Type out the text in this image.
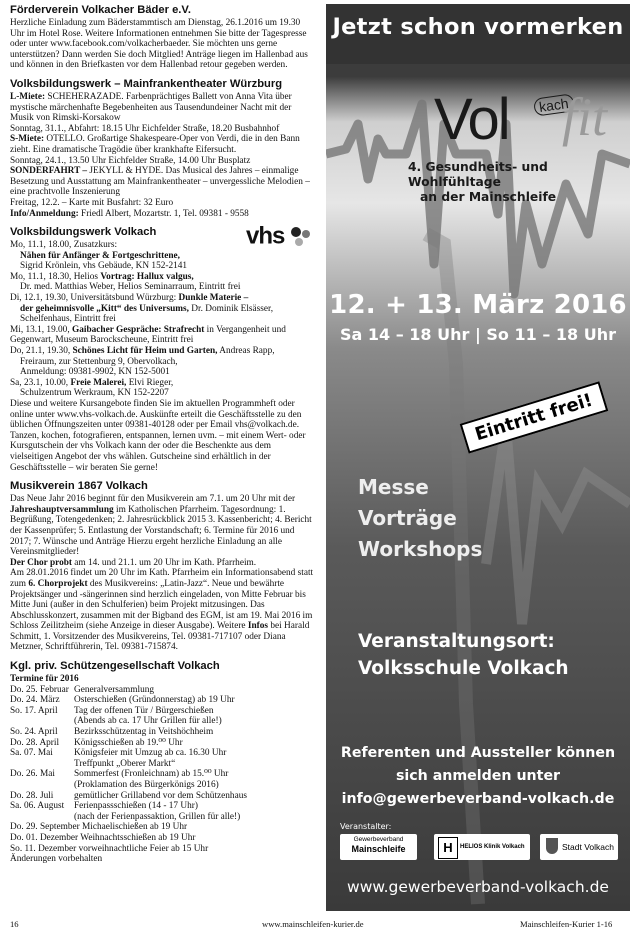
Förderverein Volkacher Bäder e.V.

Herzliche Einladung zum Bäderstammtisch am Dienstag, 26.1.2016 um 19.30 Uhr im Hotel Rose. Weitere Informationen entnehmen Sie bitte der Tagespresse oder unter www.facebook.com/volkacherbaeder. Sie möchten uns gerne unterstützen? Dann werden Sie doch Mitglied! Anträge liegen im Hallenbad aus und können in den Briefkasten vor dem Hallenbad retour gegeben werden.

Volksbildungswerk – Mainfrankentheater Würzburg

L-Miete: SCHEHERAZADE. Farbenprächtiges Ballett von Anna Vita über mystische märchenhafte Begebenheiten aus Tausendundeiner Nacht mit der Musik von Rimski-Korsakow

Sonntag, 31.1., Abfahrt: 18.15 Uhr Eichfelder Straße, 18.20 Busbahnhof

S-Miete: OTELLO. Großartige Shakespeare-Oper von Verdi, die in den Bann zieht. Eine dramatische Tragödie über krankhafte Eifersucht.

Sonntag, 24.1., 13.50 Uhr Eichfelder Straße, 14.00 Uhr Busplatz

SONDERFAHRT – JEKYLL & HYDE. Das Musical des Jahres – einmalige Besetzung und Ausstattung am Mainfrankentheater – unvergessliche Melodien – eine prachtvolle Inszenierung

Freitag, 12.2. – Karte mit Busfahrt: 32 Euro

Info/Anmeldung: Friedl Albert, Mozartstr. 1, Tel. 09381 - 9558

Volksbildungswerk Volkach	vhs

Mo, 11.1, 18.00, Zusatzkurs:

Nähen für Anfänger & Fortgeschrittene,

Sigrid Krönlein, vhs Gebäude, KN 152-2141

Mo, 11.1, 18.30, Helios Vortrag: Hallux valgus,

Dr. med. Matthias Weber, Helios Seminarraum, Eintritt frei

Di, 12.1, 19.30, Universitätsbund Würzburg: Dunkle Materie –

der geheimnisvolle „Kitt“ des Universums, Dr. Dominik Elsässer, Schelfenhaus, Eintritt frei

Mi, 13.1, 19.00, Gaibacher Gespräche: Strafrecht in Vergangenheit und Gegenwart, Museum Barockscheune, Eintritt frei

Do, 21.1, 19.30, Schönes Licht für Heim und Garten, Andreas Rapp,

Freiraum, zur Stettenburg 9, Obervolkach,

Anmeldung: 09381-9902, KN 152-5001

Sa, 23.1, 10.00, Freie Malerei, Elvi Rieger,

Schulzentrum Werkraum, KN 152-2207

Diese und weitere Kursangebote finden Sie im aktuellen Programmheft oder online unter www.vhs-volkach.de. Auskünfte erteilt die Geschäftsstelle zu den üblichen Öffnungszeiten unter 09381-40128 oder per Email vhs@volkach.de.

Tanzen, kochen, fotografieren, entspannen, lernen uvm. – mit einem Wert- oder Kursgutschein der vhs Volkach kann der oder die Beschenkte aus dem vielseitigen Angebot der vhs wählen. Gutscheine sind erhältlich in der Geschäftsstelle – wir beraten Sie gerne!

Musikverein 1867 Volkach

Das Neue Jahr 2016 beginnt für den Musikverein am 7.1. um 20 Uhr mit der Jahreshauptversammlung im Katholischen Pfarrheim. Tagesordnung: 1. Begrüßung, Totengedenken; 2. Jahresrückblick 2015 3. Kassenbericht; 4. Bericht der Kassenprüfer; 5. Entlastung der Vorstandschaft; 6. Termine für 2016 und 2017; 7. Wünsche und Anträge Hierzu ergeht herzliche Einladung an alle Vereinsmitglieder!

Der Chor probt am 14. und 21.1. um 20 Uhr im Kath. Pfarrheim.

Am 28.01.2016 findet um 20 Uhr im Kath. Pfarrheim ein Informationsabend statt zum 6. Chorprojekt des Musikvereins: „Latin-Jazz“. Neue und bewährte Projektsänger und -sängerinnen sind herzlich eingeladen, von Mitte Februar bis Mitte Juni (außer in den Schulferien) beim Projekt mitzusingen. Das Abschlusskonzert, zusammen mit der Bigband des EGM, ist am 19. Mai 2016 im Schloss Zeilitzheim (siehe Anzeige in dieser Ausgabe). Weitere Infos bei Harald Schmitt, 1. Vorsitzender des Musikvereins, Tel. 09381-717107 oder Diana Metzner, Schriftführerin, Tel. 09381-715874.

Kgl. priv. Schützengesellschaft Volkach

Termine für 2016

Do. 25. Februar	Generalversammlung
Do. 24. März	Osterschießen (Gründonnerstag) ab 19 Uhr
So. 17. April	Tag der offenen Tür / Bürgerschießen
	(Abends ab ca. 17 Uhr Grillen für alle!)
So. 24. April	Bezirksschützentag in Veitshöchheim
Do. 28. April	Königsschießen ab 19.⁰⁰ Uhr
Sa. 07. Mai	Königsfeier mit Umzug ab ca. 16.30 Uhr
	Treffpunkt „Oberer Markt“
Do. 26. Mai	Sommerfest (Fronleichnam) ab 15.⁰⁰ Uhr
	(Proklamation des Bürgerkönigs 2016)
Do. 28. Juli	gemütlicher Grillabend vor dem Schützenhaus
Sa. 06. August	Ferienpassschießen (14 - 17 Uhr)
	(nach der Ferienpassaktion, Grillen für alle!)

Do. 29. September Michaelischießen ab 19 Uhr

Do. 01. Dezember Weihnachtsschießen ab 19 Uhr

So. 11. Dezember vorweihnachtliche Feier ab 15 Uhr

Änderungen vorbehalten

Jetzt schon vormerken
Vol	kach
fit
4. Gesundheits- und
Wohlfühltage
an der Mainschleife
12. + 13. März 2016
Sa 14 – 18 Uhr | So 11 – 18 Uhr
Eintritt frei!
Messe
Vorträge
Workshops
Veranstaltungsort:
Volksschule Volkach
Referenten und Aussteller können
sich anmelden unter
info@gewerbeverband-volkach.de
Veranstalter:
Gewerbeverband
Mainschleife	H	HELIOS Klinik Volkach	Stadt Volkach
www.gewerbeverband-volkach.de
16	www.mainschleifen-kurier.de	Mainschleifen-Kurier 1-16
